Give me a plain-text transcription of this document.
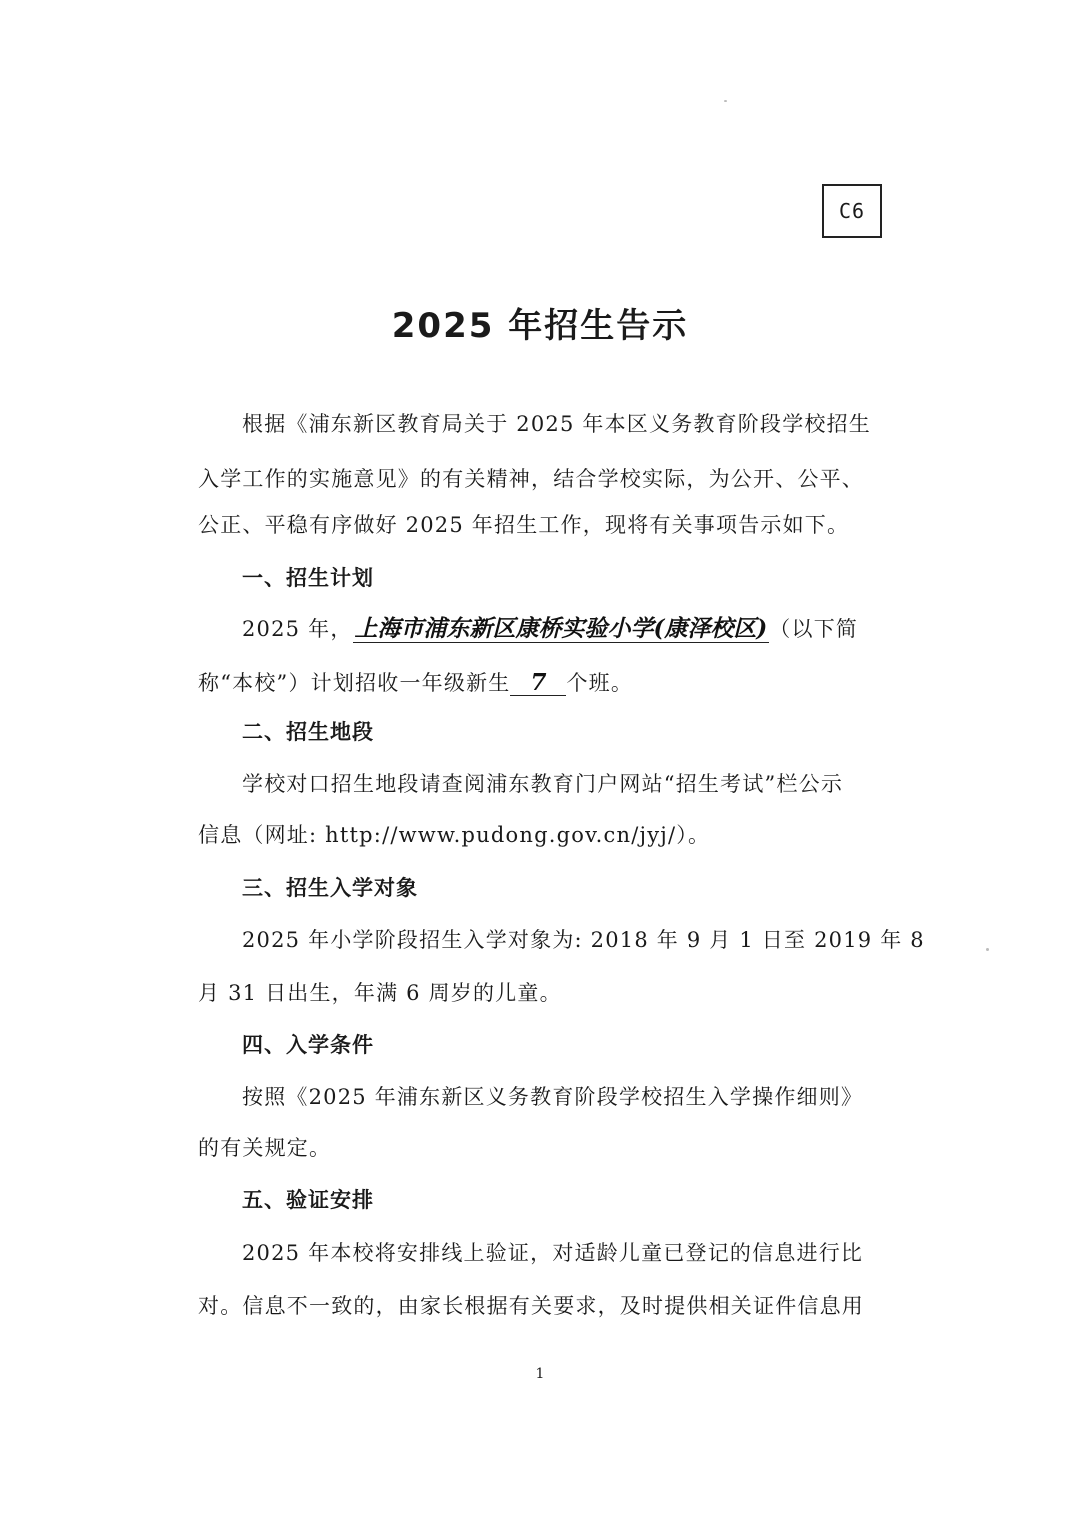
C6
2025 年招生告示
根据《浦东新区教育局关于 2025 年本区义务教育阶段学校招生
入学工作的实施意见》的有关精神，结合学校实际，为公开、公平、
公正、平稳有序做好 2025 年招生工作，现将有关事项告示如下。
一、招生计划
2025 年，上海市浦东新区康桥实验小学(康泽校区)（以下简
称“本校”）计划招收一年级新生 7 个班。
二、招生地段
学校对口招生地段请查阅浦东教育门户网站“招生考试”栏公示
信息（网址: http://www.pudong.gov.cn/jyj/）。
三、招生入学对象
2025 年小学阶段招生入学对象为: 2018 年 9 月 1 日至 2019 年 8
月 31 日出生，年满 6 周岁的儿童。
四、入学条件
按照《2025 年浦东新区义务教育阶段学校招生入学操作细则》
的有关规定。
五、验证安排
2025 年本校将安排线上验证，对适龄儿童已登记的信息进行比
对。信息不一致的，由家长根据有关要求，及时提供相关证件信息用
1
